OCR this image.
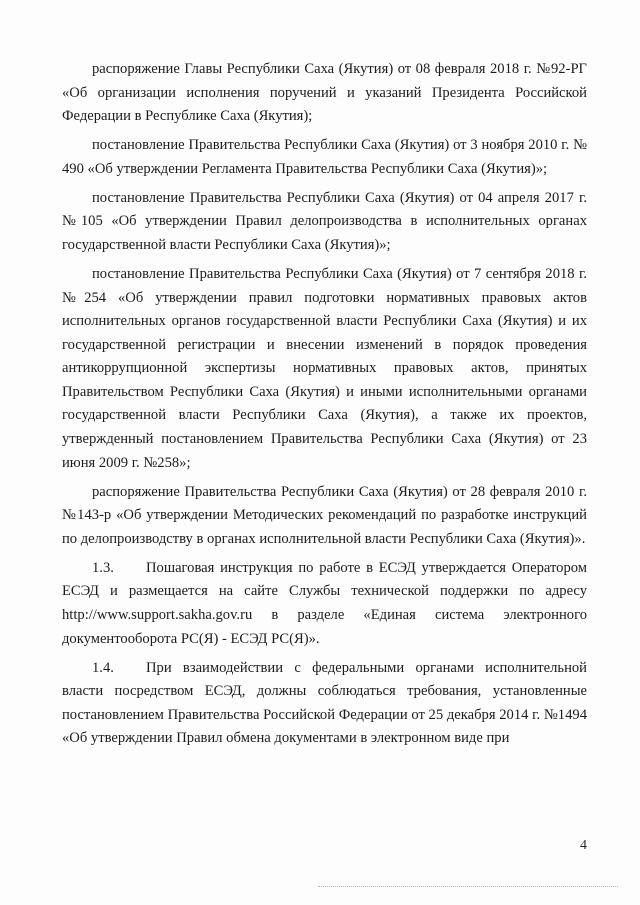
распоряжение Главы Республики Саха (Якутия) от 08 февраля 2018 г. №92-РГ «Об организации исполнения поручений и указаний Президента Российской Федерации в Республике Саха (Якутия);

постановление Правительства Республики Саха (Якутия) от 3 ноября 2010 г. № 490 «Об утверждении Регламента Правительства Республики Саха (Якутия)»;

постановление Правительства Республики Саха (Якутия) от 04 апреля 2017 г. №105 «Об утверждении Правил делопроизводства в исполнительных органах государственной власти Республики Саха (Якутия)»;

постановление Правительства Республики Саха (Якутия) от 7 сентября 2018 г. №254 «Об утверждении правил подготовки нормативных правовых актов исполнительных органов государственной власти Республики Саха (Якутия) и их государственной регистрации и внесении изменений в порядок проведения антикоррупционной экспертизы нормативных правовых актов, принятых Правительством Республики Саха (Якутия) и иными исполнительными органами государственной власти Республики Саха (Якутия), а также их проектов, утвержденный постановлением Правительства Республики Саха (Якутия) от 23 июня 2009 г. №258»;

распоряжение Правительства Республики Саха (Якутия) от 28 февраля 2010 г. №143-р «Об утверждении Методических рекомендаций по разработке инструкций по делопроизводству в органах исполнительной власти Республики Саха (Якутия)».

1.3. Пошаговая инструкция по работе в ЕСЭД утверждается Оператором ЕСЭД и размещается на сайте Службы технической поддержки по адресу http://www.support.sakha.gov.ru в разделе «Единая система электронного документооборота РС(Я) - ЕСЭД РС(Я)».

1.4. При взаимодействии с федеральными органами исполнительной власти посредством ЕСЭД, должны соблюдаться требования, установленные постановлением Правительства Российской Федерации от 25 декабря 2014 г. №1494 «Об утверждении Правил обмена документами в электронном виде при

4
